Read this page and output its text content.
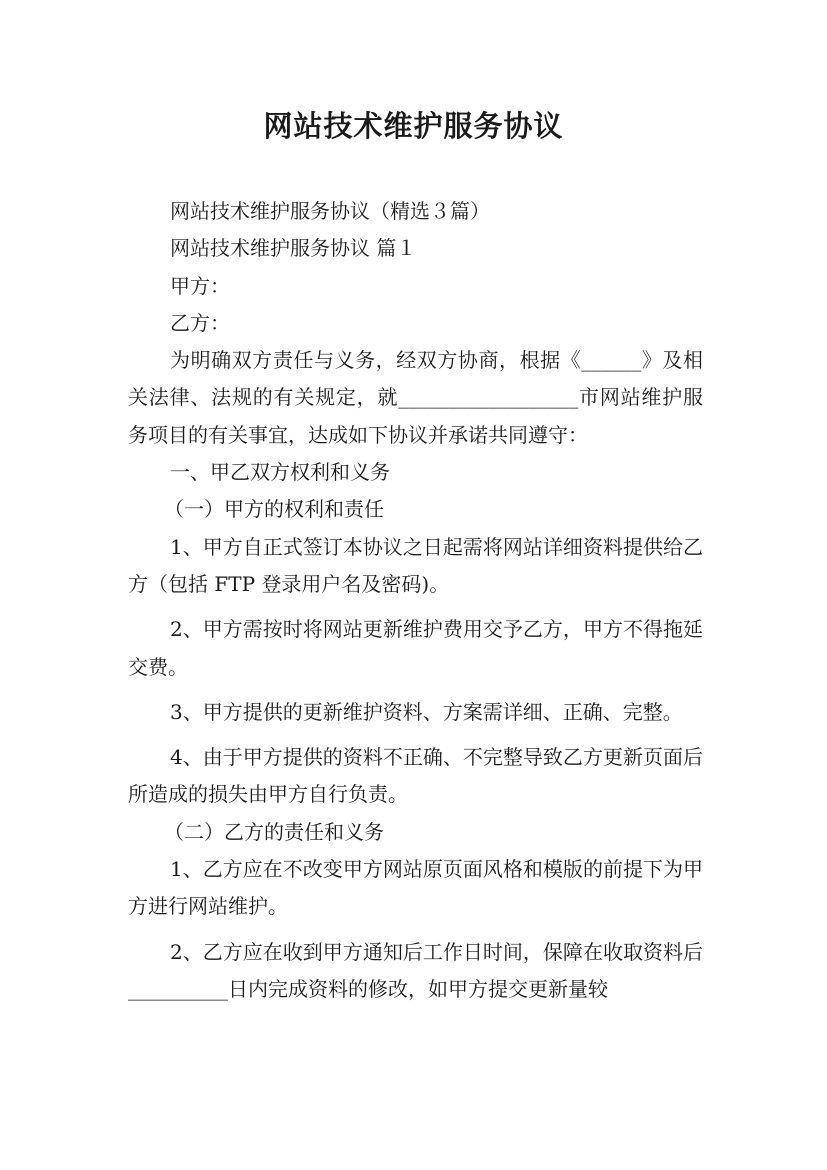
网站技术维护服务协议

网站技术维护服务协议（精选３篇）

网站技术维护服务协议 篇１

甲方：

乙方：

为明确双方责任与义务，经双方协商，根据《______》及相关法律、法规的有关规定，就__________________市网站维护服务项目的有关事宜，达成如下协议并承诺共同遵守：

一、甲乙双方权利和义务

（一）甲方的权利和责任

1、甲方自正式签订本协议之日起需将网站详细资料提供给乙方（包括 FTP 登录用户名及密码)。

2、甲方需按时将网站更新维护费用交予乙方，甲方不得拖延交费。

3、甲方提供的更新维护资料、方案需详细、正确、完整。

4、由于甲方提供的资料不正确、不完整导致乙方更新页面后所造成的损失由甲方自行负责。

（二）乙方的责任和义务

1、乙方应在不改变甲方网站原页面风格和模版的前提下为甲方进行网站维护。

2、乙方应在收到甲方通知后工作日时间，保障在收取资料后__________日内完成资料的修改，如甲方提交更新量较
